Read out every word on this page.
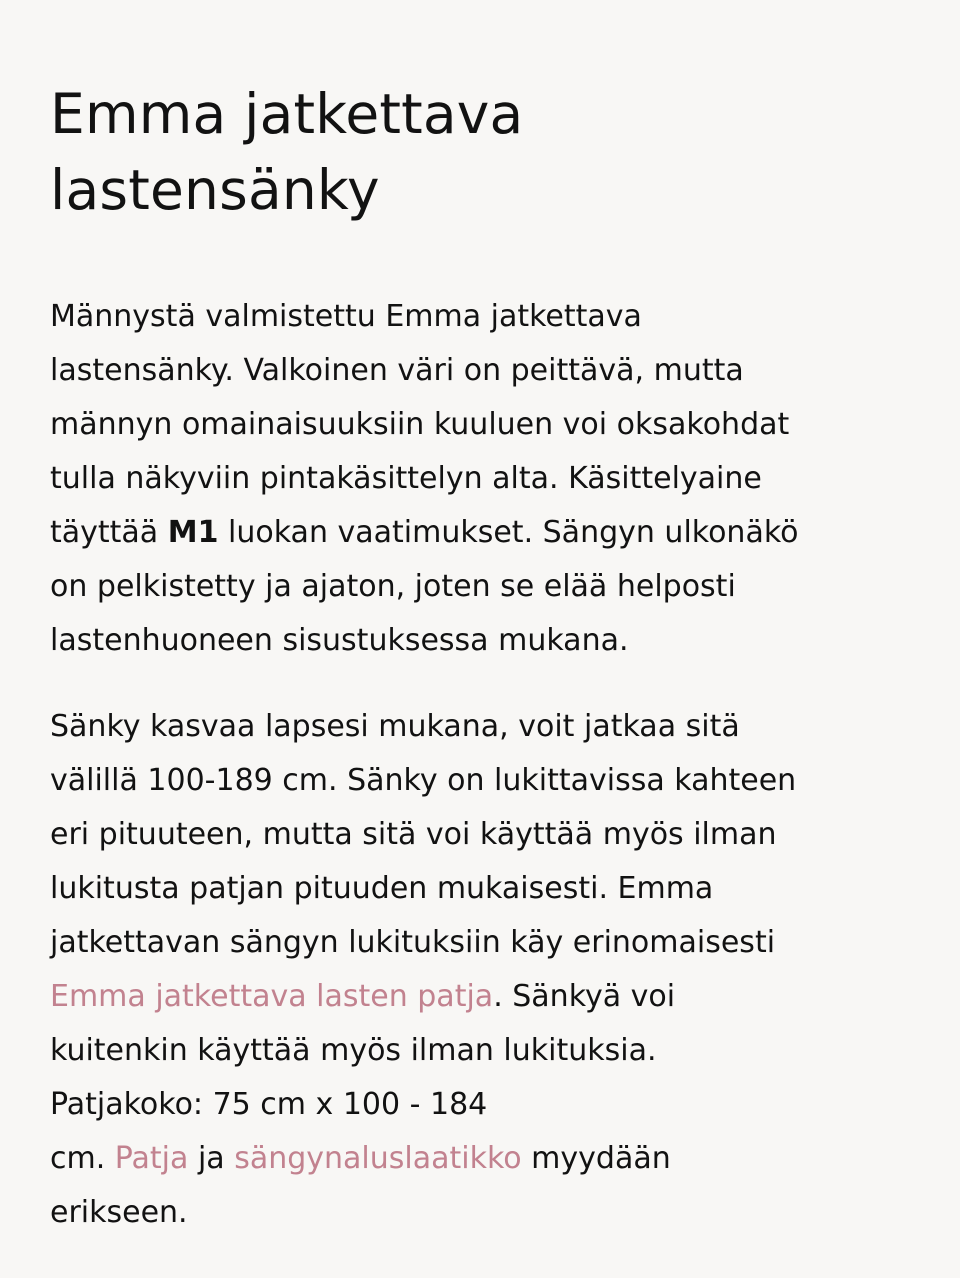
Emma jatkettava
lastensänky

Männystä valmistettu Emma jatkettava
lastensänky. Valkoinen väri on peittävä, mutta
männyn omainaisuuksiin kuuluen voi oksakohdat
tulla näkyviin pintakäsittelyn alta. Käsittelyaine
täyttää M1 luokan vaatimukset. Sängyn ulkonäkö
on pelkistetty ja ajaton, joten se elää helposti
lastenhuoneen sisustuksessa mukana.

Sänky kasvaa lapsesi mukana, voit jatkaa sitä
välillä 100-189 cm. Sänky on lukittavissa kahteen
eri pituuteen, mutta sitä voi käyttää myös ilman
lukitusta patjan pituuden mukaisesti. Emma
jatkettavan sängyn lukituksiin käy erinomaisesti
Emma jatkettava lasten patja. Sänkyä voi
kuitenkin käyttää myös ilman lukituksia.

Patjakoko: 75 cm x 100 - 184
cm. Patja ja sängynaluslaatikko myydään
erikseen.
